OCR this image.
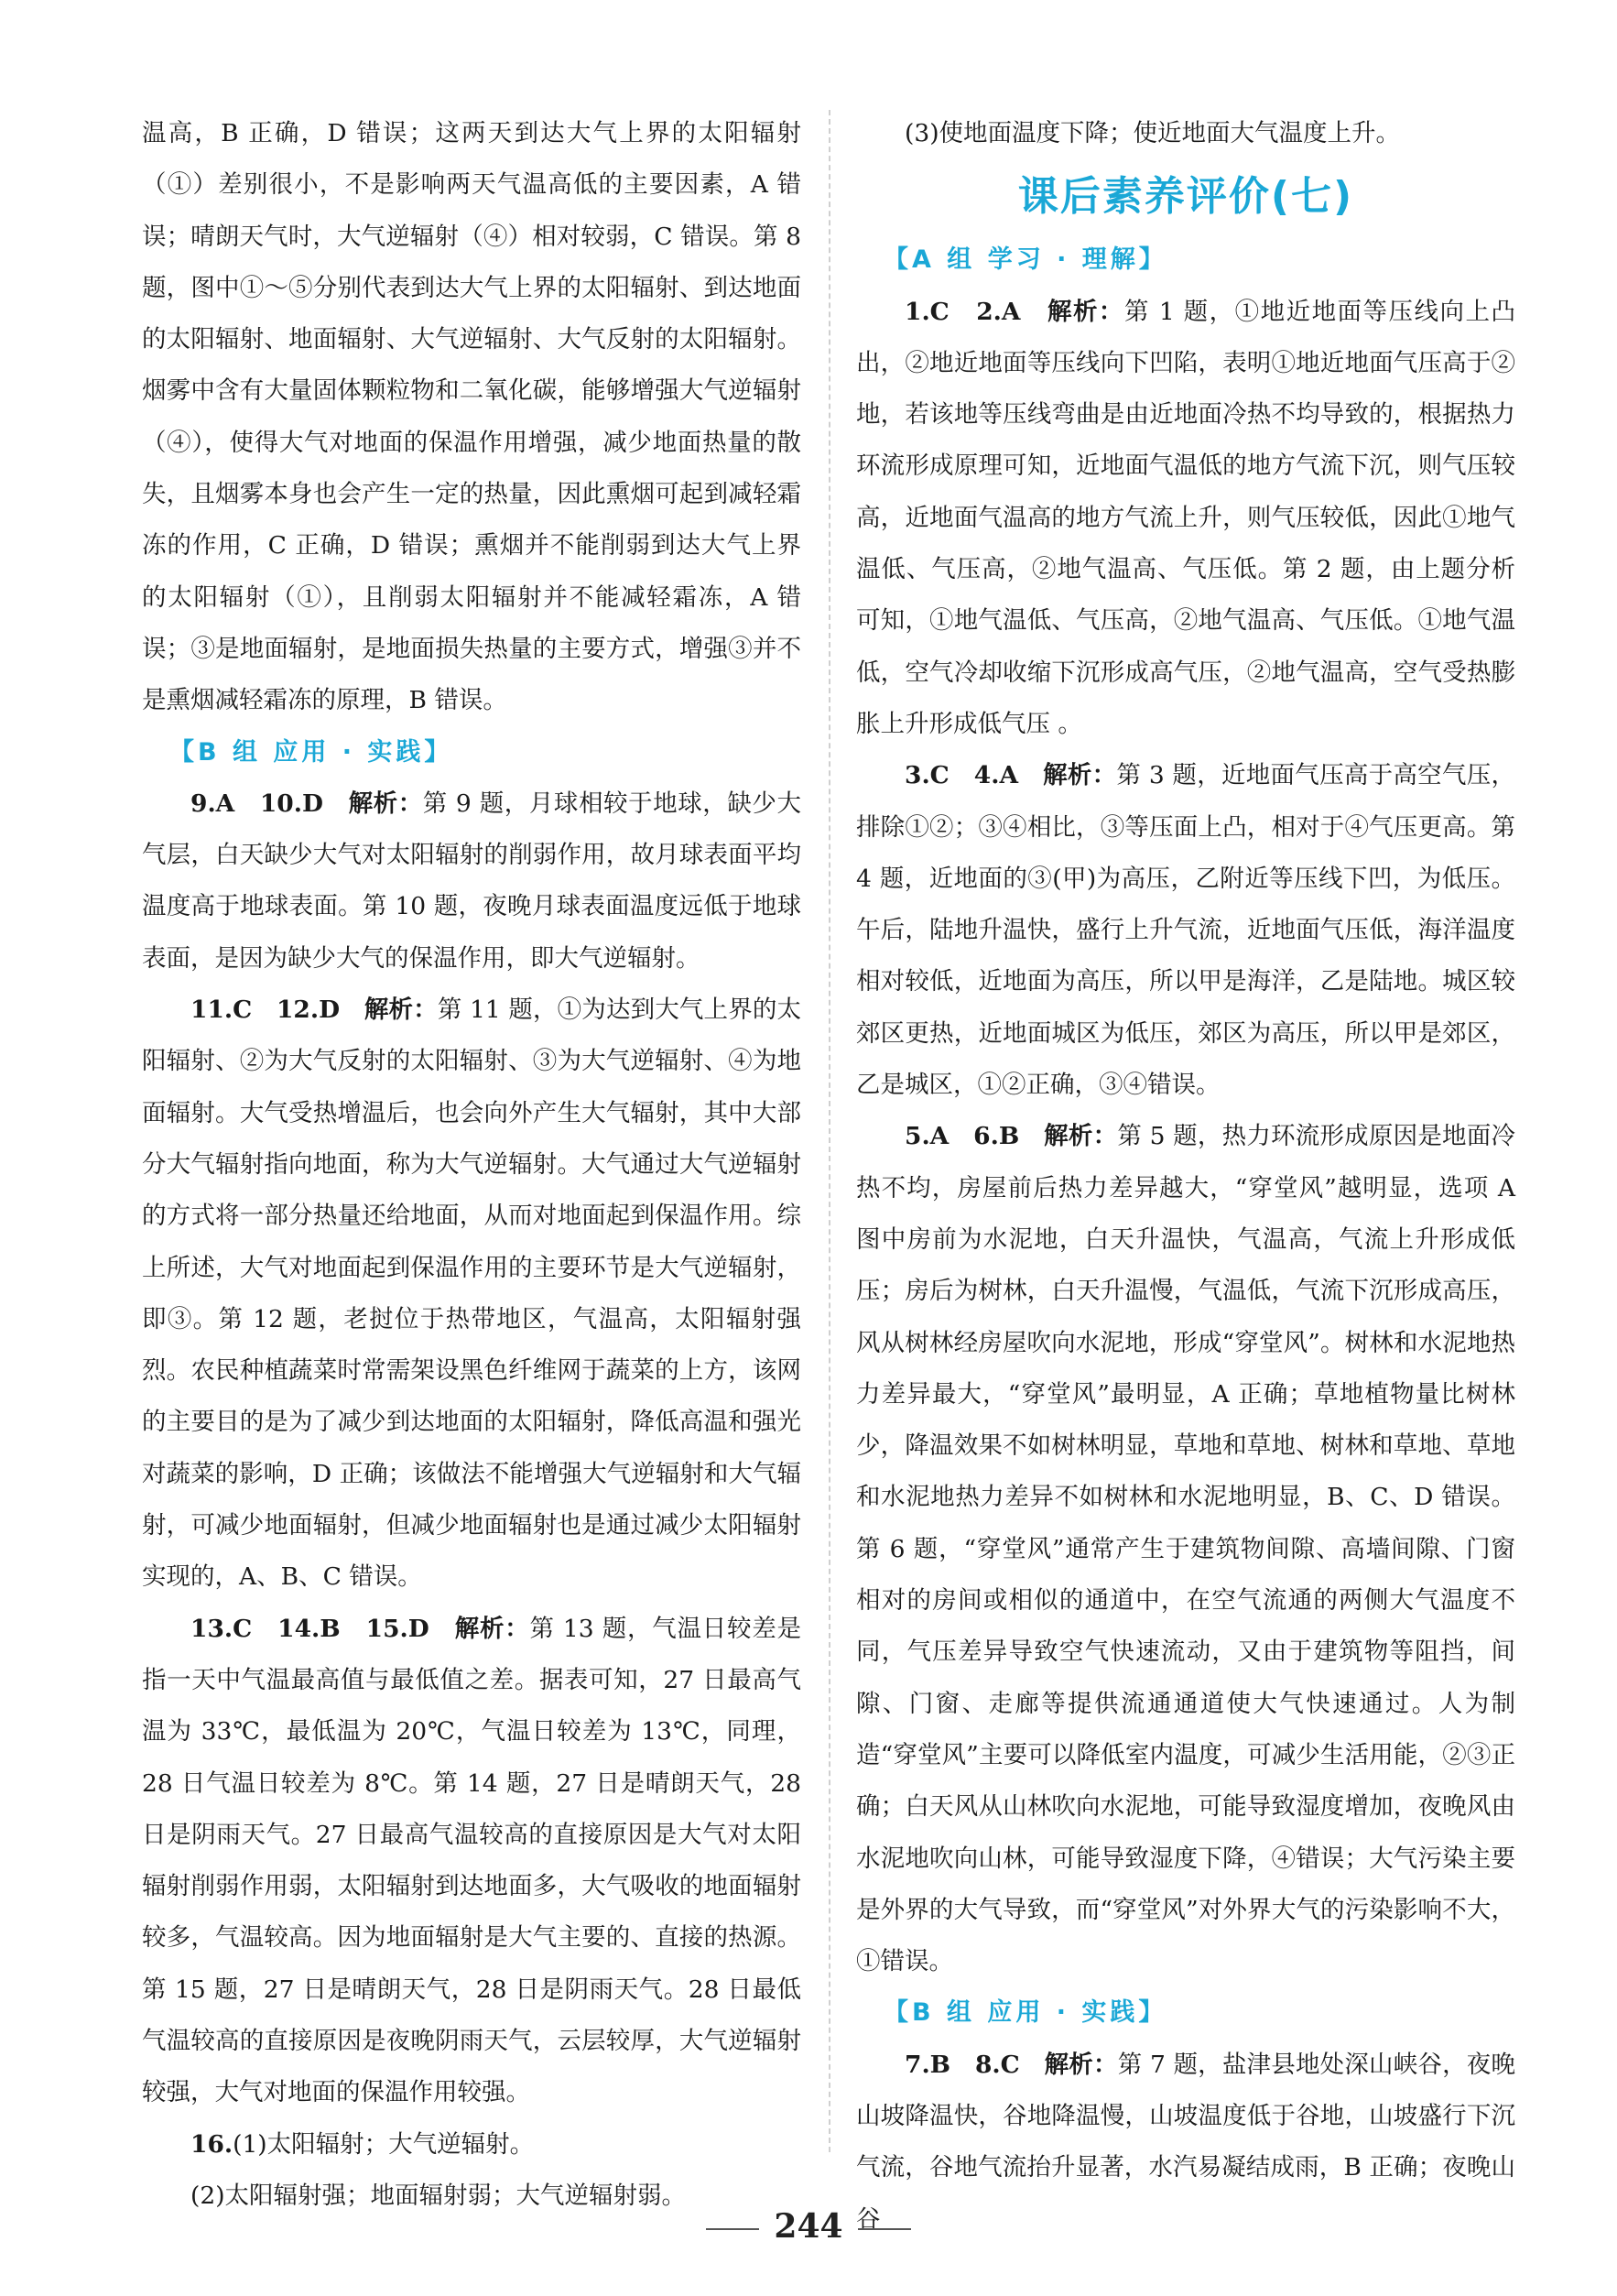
温高，B 正确，D 错误；这两天到达大气上界的太阳辐射（①）差别很小，不是影响两天气温高低的主要因素，A 错误；晴朗天气时，大气逆辐射（④）相对较弱，C 错误。第 8 题，图中①～⑤分别代表到达大气上界的太阳辐射、到达地面的太阳辐射、地面辐射、大气逆辐射、大气反射的太阳辐射。烟雾中含有大量固体颗粒物和二氧化碳，能够增强大气逆辐射（④），使得大气对地面的保温作用增强，减少地面热量的散失，且烟雾本身也会产生一定的热量，因此熏烟可起到减轻霜冻的作用，C 正确，D 错误；熏烟并不能削弱到达大气上界的太阳辐射（①），且削弱太阳辐射并不能减轻霜冻，A 错误；③是地面辐射，是地面损失热量的主要方式，增强③并不是熏烟减轻霜冻的原理，B 错误。

【B 组 应用 · 实践】

9.A　10.D　解析：第 9 题，月球相较于地球，缺少大气层，白天缺少大气对太阳辐射的削弱作用，故月球表面平均温度高于地球表面。第 10 题，夜晚月球表面温度远低于地球表面，是因为缺少大气的保温作用，即大气逆辐射。

11.C　12.D　解析：第 11 题，①为达到大气上界的太阳辐射、②为大气反射的太阳辐射、③为大气逆辐射、④为地面辐射。大气受热增温后，也会向外产生大气辐射，其中大部分大气辐射指向地面，称为大气逆辐射。大气通过大气逆辐射的方式将一部分热量还给地面，从而对地面起到保温作用。综上所述，大气对地面起到保温作用的主要环节是大气逆辐射，即③。第 12 题，老挝位于热带地区，气温高，太阳辐射强烈。农民种植蔬菜时常需架设黑色纤维网于蔬菜的上方，该网的主要目的是为了减少到达地面的太阳辐射，降低高温和强光对蔬菜的影响，D 正确；该做法不能增强大气逆辐射和大气辐射，可减少地面辐射，但减少地面辐射也是通过减少太阳辐射实现的，A、B、C 错误。

13.C　14.B　15.D　解析：第 13 题，气温日较差是指一天中气温最高值与最低值之差。据表可知，27 日最高气温为 33℃，最低温为 20℃，气温日较差为 13℃，同理，28 日气温日较差为 8℃。第 14 题，27 日是晴朗天气，28 日是阴雨天气。27 日最高气温较高的直接原因是大气对太阳辐射削弱作用弱，太阳辐射到达地面多，大气吸收的地面辐射较多，气温较高。因为地面辐射是大气主要的、直接的热源。第 15 题，27 日是晴朗天气，28 日是阴雨天气。28 日最低气温较高的直接原因是夜晚阴雨天气，云层较厚，大气逆辐射较强，大气对地面的保温作用较强。

16.(1)太阳辐射；大气逆辐射。

(2)太阳辐射强；地面辐射弱；大气逆辐射弱。

(3)使地面温度下降；使近地面大气温度上升。

课后素养评价(七)

【A 组 学习 · 理解】

1.C　2.A　解析：第 1 题，①地近地面等压线向上凸出，②地近地面等压线向下凹陷，表明①地近地面气压高于②地，若该地等压线弯曲是由近地面冷热不均导致的，根据热力环流形成原理可知，近地面气温低的地方气流下沉，则气压较高，近地面气温高的地方气流上升，则气压较低，因此①地气温低、气压高，②地气温高、气压低。第 2 题，由上题分析可知，①地气温低、气压高，②地气温高、气压低。①地气温低，空气冷却收缩下沉形成高气压，②地气温高，空气受热膨胀上升形成低气压 。

3.C　4.A　解析：第 3 题，近地面气压高于高空气压，排除①②；③④相比，③等压面上凸，相对于④气压更高。第 4 题，近地面的③(甲)为高压，乙附近等压线下凹，为低压。午后，陆地升温快，盛行上升气流，近地面气压低，海洋温度相对较低，近地面为高压，所以甲是海洋，乙是陆地。城区较郊区更热，近地面城区为低压，郊区为高压，所以甲是郊区，乙是城区，①②正确，③④错误。

5.A　6.B　解析：第 5 题，热力环流形成原因是地面冷热不均，房屋前后热力差异越大，“穿堂风”越明显，选项 A 图中房前为水泥地，白天升温快，气温高，气流上升形成低压；房后为树林，白天升温慢，气温低，气流下沉形成高压，风从树林经房屋吹向水泥地，形成“穿堂风”。树林和水泥地热力差异最大，“穿堂风”最明显，A 正确；草地植物量比树林少，降温效果不如树林明显，草地和草地、树林和草地、草地和水泥地热力差异不如树林和水泥地明显，B、C、D 错误。第 6 题，“穿堂风”通常产生于建筑物间隙、高墙间隙、门窗相对的房间或相似的通道中，在空气流通的两侧大气温度不同，气压差异导致空气快速流动，又由于建筑物等阻挡，间隙、门窗、走廊等提供流通通道使大气快速通过。人为制造“穿堂风”主要可以降低室内温度，可减少生活用能，②③正确；白天风从山林吹向水泥地，可能导致湿度增加，夜晚风由水泥地吹向山林，可能导致湿度下降，④错误；大气污染主要是外界的大气导致，而“穿堂风”对外界大气的污染影响不大，①错误。

【B 组 应用 · 实践】

7.B　8.C　解析：第 7 题，盐津县地处深山峡谷，夜晚山坡降温快，谷地降温慢，山坡温度低于谷地，山坡盛行下沉气流，谷地气流抬升显著，水汽易凝结成雨，B 正确；夜晚山谷

244
